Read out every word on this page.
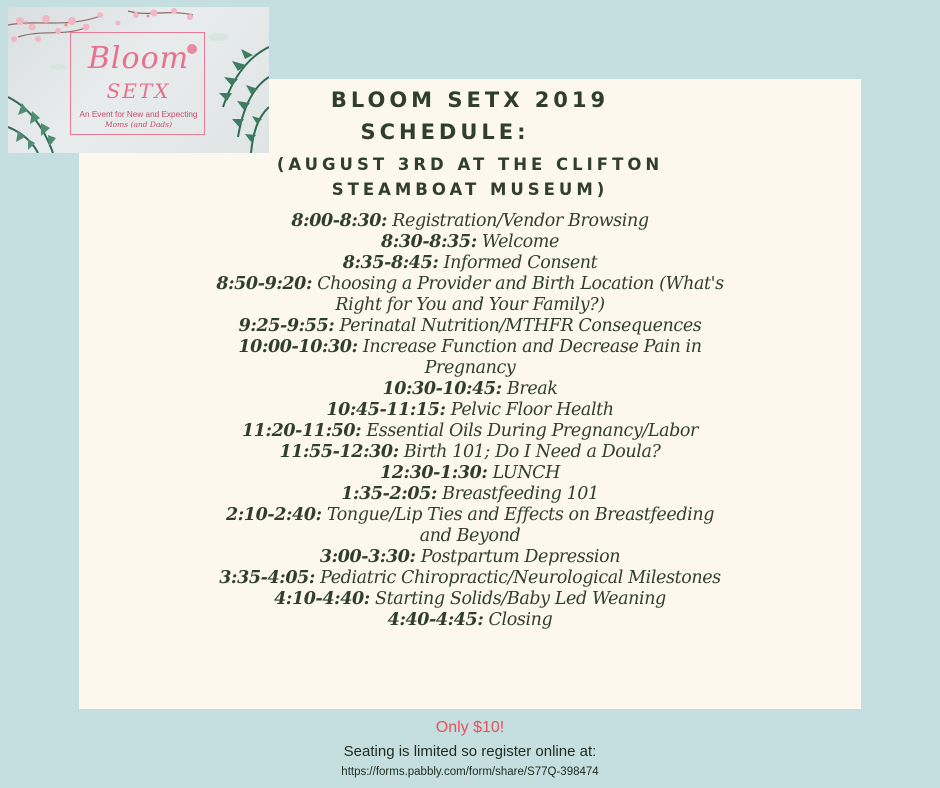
Bloom
SETX
An Event for New and Expecting
Moms (and Dads)
BLOOM SETX 2019
SCHEDULE:
(AUGUST 3RD AT THE CLIFTON STEAMBOAT MUSEUM)
8:00-8:30: Registration/Vendor Browsing
8:30-8:35: Welcome
8:35-8:45: Informed Consent
8:50-9:20: Choosing a Provider and Birth Location (What's Right for You and Your Family?)
9:25-9:55: Perinatal Nutrition/MTHFR Consequences
10:00-10:30: Increase Function and Decrease Pain in Pregnancy
10:30-10:45: Break
10:45-11:15: Pelvic Floor Health
11:20-11:50: Essential Oils During Pregnancy/Labor
11:55-12:30: Birth 101; Do I Need a Doula?
12:30-1:30: LUNCH
1:35-2:05: Breastfeeding 101
2:10-2:40: Tongue/Lip Ties and Effects on Breastfeeding and Beyond
3:00-3:30: Postpartum Depression
3:35-4:05: Pediatric Chiropractic/Neurological Milestones
4:10-4:40: Starting Solids/Baby Led Weaning
4:40-4:45: Closing
Only $10!
Seating is limited so register online at:
https://forms.pabbly.com/form/share/S77Q-398474
